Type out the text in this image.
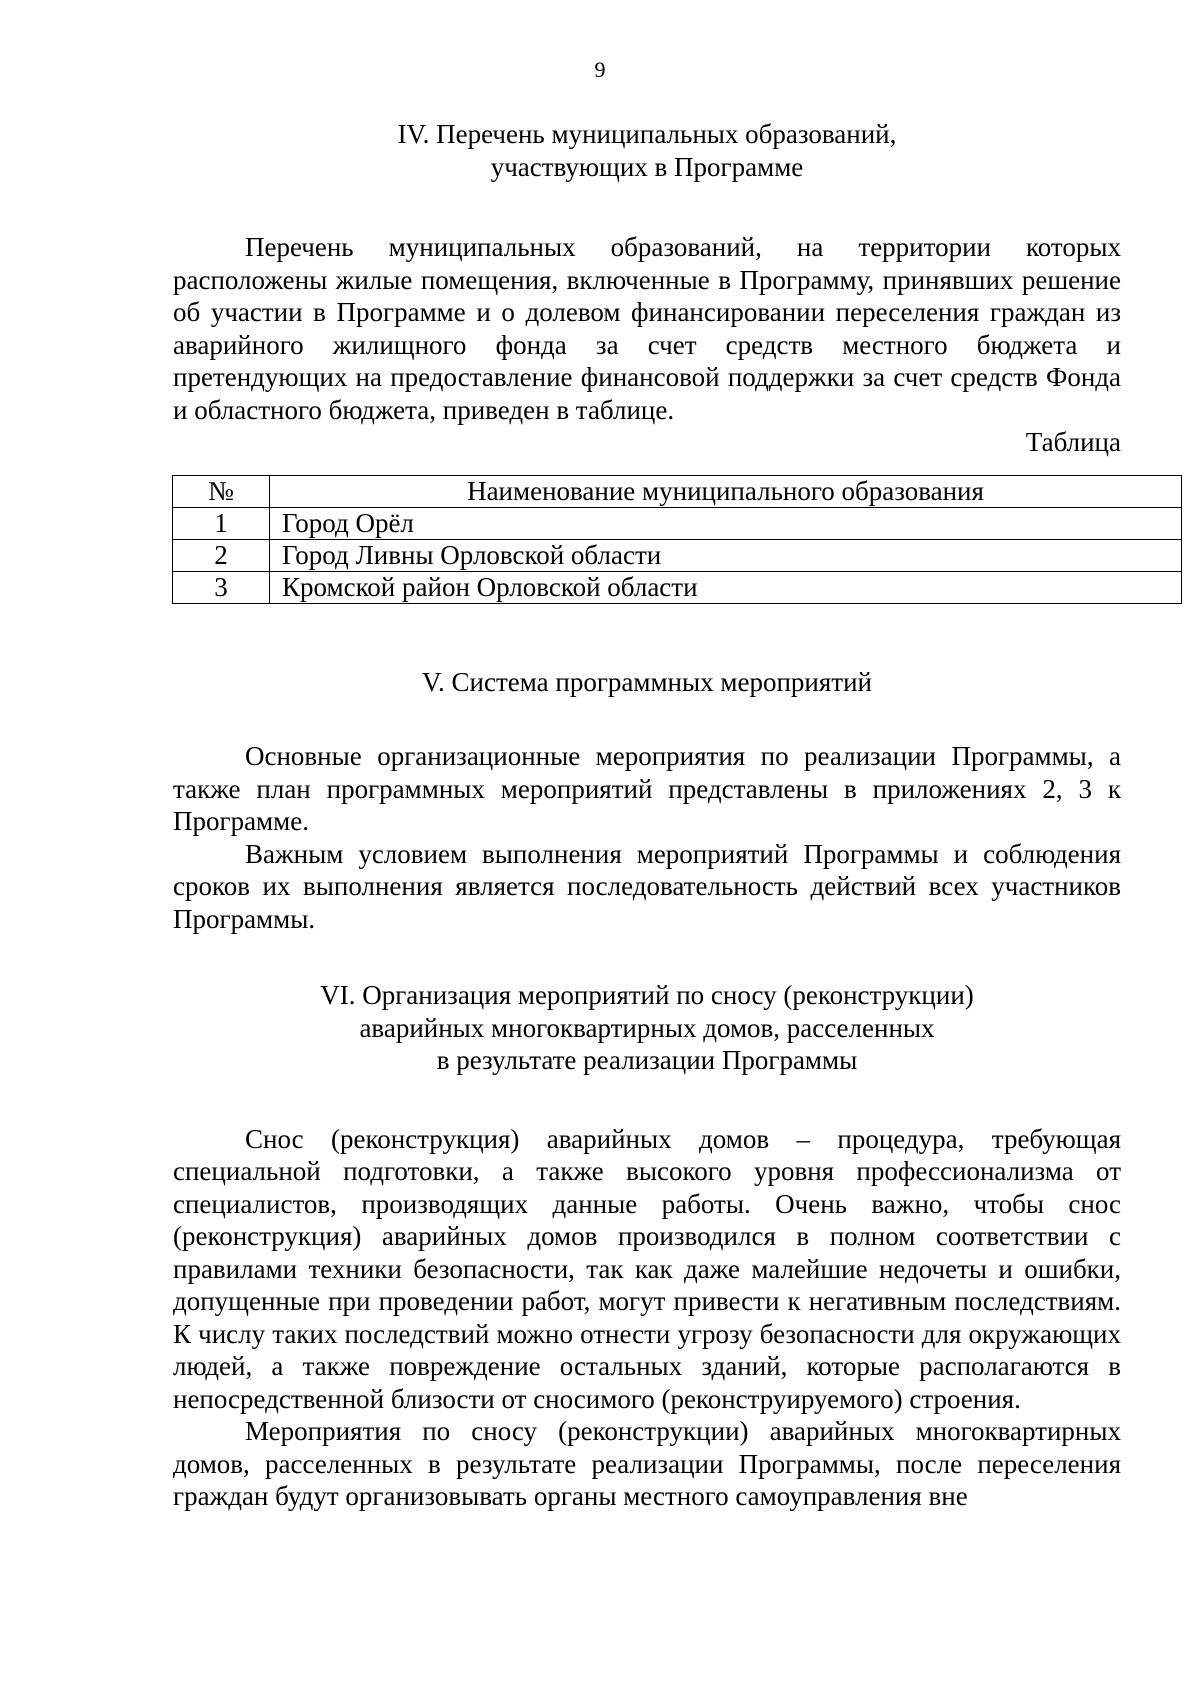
9
IV. Перечень муниципальных образований,
участвующих в Программе

Перечень муниципальных образований, на территории которых расположены жилые помещения, включенные в Программу, принявших решение об участии в Программе и о долевом финансировании переселения граждан из аварийного жилищного фонда за счет средств местного бюджета и претендующих на предоставление финансовой поддержки за счет средств Фонда и областного бюджета, приведен в таблице.

Таблица

№	Наименование муниципального образования
1	Город Орёл
2	Город Ливны Орловской области
3	Кромской район Орловской области
V. Система программных мероприятий

Основные организационные мероприятия по реализации Программы, а также план программных мероприятий представлены в приложениях 2, 3 к Программе.

Важным условием выполнения мероприятий Программы и соблюдения сроков их выполнения является последовательность действий всех участников Программы.

VI. Организация мероприятий по сносу (реконструкции)
аварийных многоквартирных домов, расселенных
в результате реализации Программы

Снос (реконструкция) аварийных домов – процедура, требующая специальной подготовки, а также высокого уровня профессионализма от специалистов, производящих данные работы. Очень важно, чтобы снос (реконструкция) аварийных домов производился в полном соответствии с правилами техники безопасности, так как даже малейшие недочеты и ошибки, допущенные при проведении работ, могут привести к негативным последствиям. К числу таких последствий можно отнести угрозу безопасности для окружающих людей, а также повреждение остальных зданий, которые располагаются в непосредственной близости от сносимого (реконструируемого) строения.

Мероприятия по сносу (реконструкции) аварийных многоквартирных домов, расселенных в результате реализации Программы, после переселения граждан будут организовывать органы местного самоуправления вне
